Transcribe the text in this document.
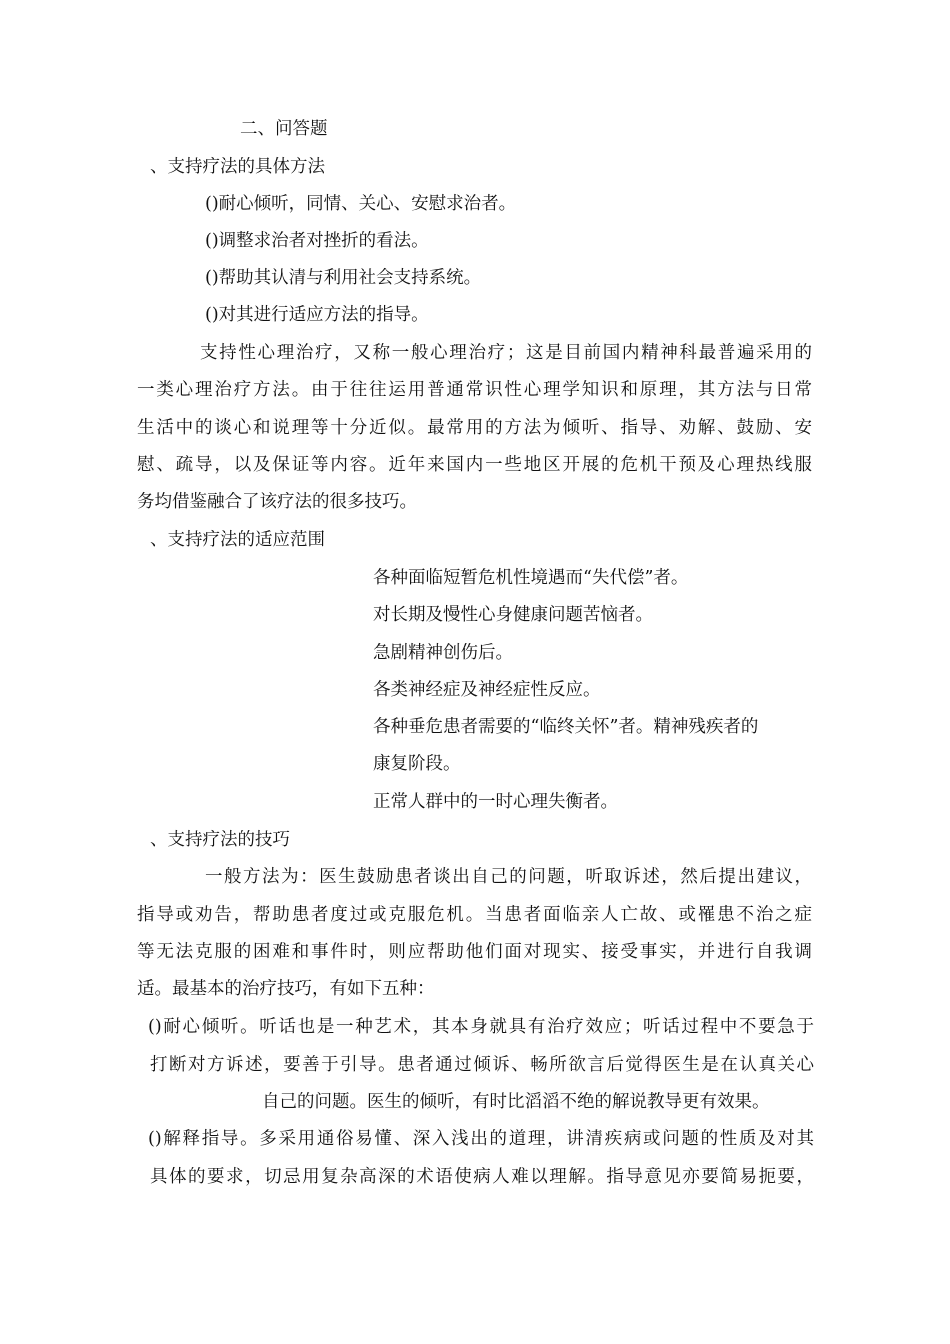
二、问答题
、支持疗法的具体方法
()耐心倾听，同情、关心、安慰求治者。
()调整求治者对挫折的看法。
()帮助其认清与利用社会支持系统。
()对其进行适应方法的指导。
支持性心理治疗，又称一般心理治疗；这是目前国内精神科最普遍采用的
一类心理治疗方法。由于往往运用普通常识性心理学知识和原理，其方法与日常
生活中的谈心和说理等十分近似。最常用的方法为倾听、指导、劝解、鼓励、安
慰、疏导，以及保证等内容。近年来国内一些地区开展的危机干预及心理热线服
务均借鉴融合了该疗法的很多技巧。
、支持疗法的适应范围
各种面临短暂危机性境遇而“失代偿”者。
对长期及慢性心身健康问题苦恼者。
急剧精神创伤后。
各类神经症及神经症性反应。
各种垂危患者需要的“临终关怀”者。精神残疾者的
康复阶段。
正常人群中的一时心理失衡者。
、支持疗法的技巧
一般方法为：医生鼓励患者谈出自己的问题，听取诉述，然后提出建议，
指导或劝告，帮助患者度过或克服危机。当患者面临亲人亡故、或罹患不治之症
等无法克服的困难和事件时，则应帮助他们面对现实、接受事实，并进行自我调
适。最基本的治疗技巧，有如下五种：
()耐心倾听。听话也是一种艺术，其本身就具有治疗效应；听话过程中不要急于
打断对方诉述，要善于引导。患者通过倾诉、畅所欲言后觉得医生是在认真关心
自己的问题。医生的倾听，有时比滔滔不绝的解说教导更有效果。
()解释指导。多采用通俗易懂、深入浅出的道理，讲清疾病或问题的性质及对其
具体的要求，切忌用复杂高深的术语使病人难以理解。指导意见亦要简易扼要，
